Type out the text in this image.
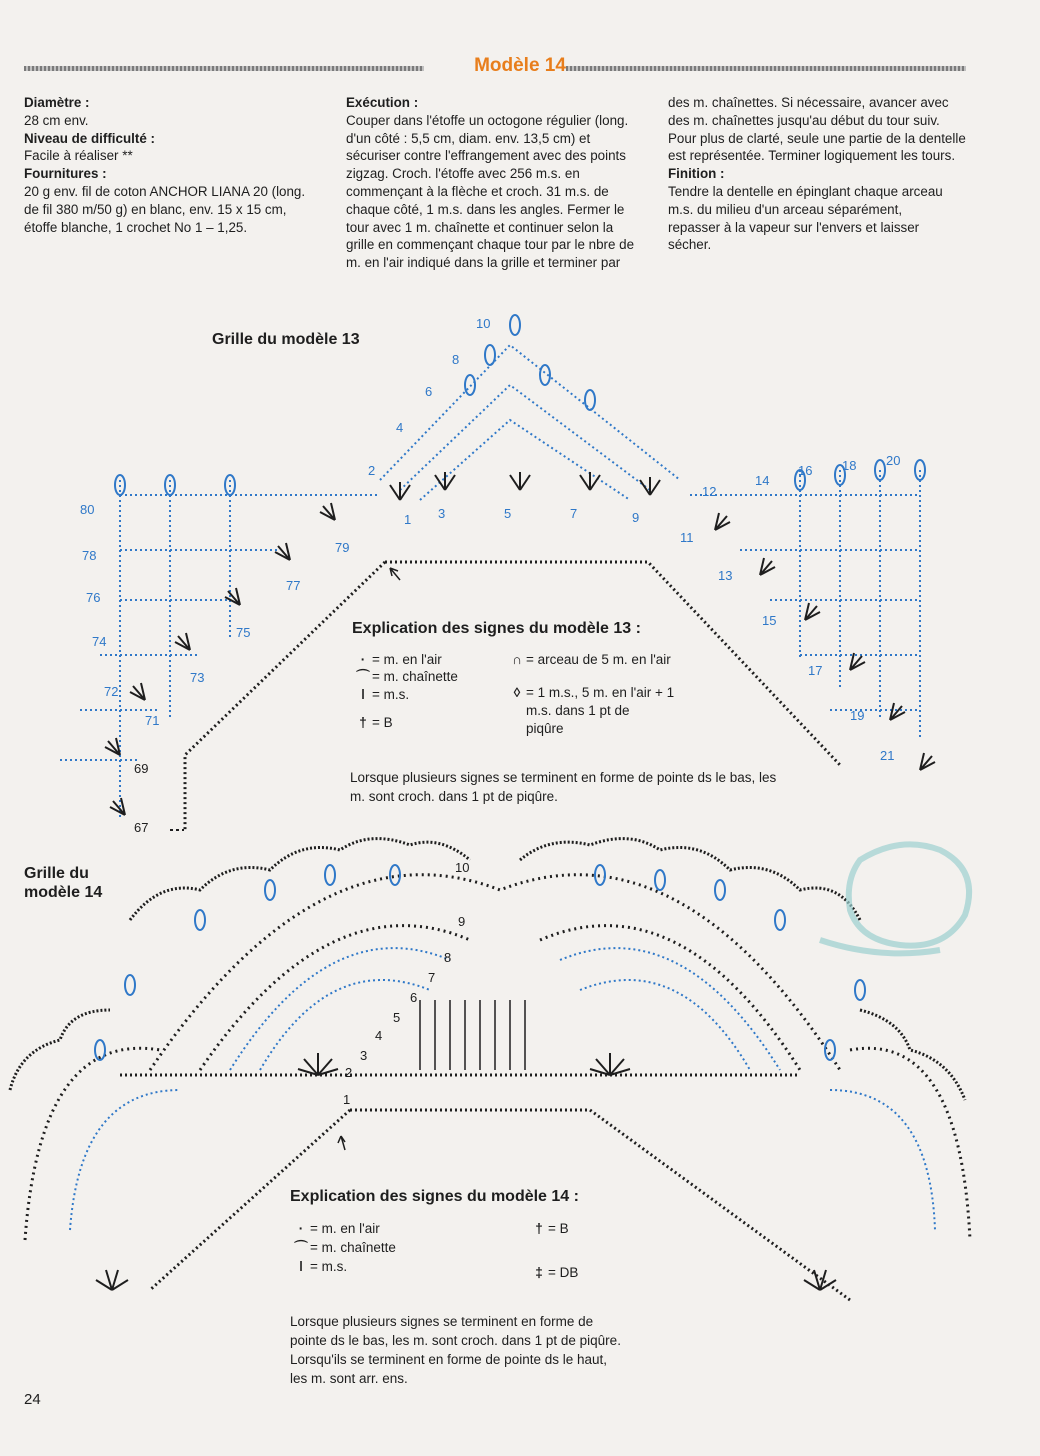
Modèle 14
Diamètre :
28 cm env.
Niveau de difficulté :
Facile à réaliser **
Fournitures :
20 g env. fil de coton ANCHOR LIANA 20 (long.
de fil 380 m/50 g) en blanc, env. 15 x 15 cm,
étoffe blanche, 1 crochet No 1 – 1,25.
Exécution :
Couper dans l'étoffe un octogone régulier (long.
d'un côté : 5,5 cm, diam. env. 13,5 cm) et
sécuriser contre l'effrangement avec des points
zigzag. Croch. l'étoffe avec 256 m.s. en
commençant à la flèche et croch. 31 m.s. de
chaque côté, 1 m.s. dans les angles. Fermer le
tour avec 1 m. chaînette et continuer selon la
grille en commençant chaque tour par le nbre de
m. en l'air indiqué dans la grille et terminer par
des m. chaînettes. Si nécessaire, avancer avec
des m. chaînettes jusqu'au début du tour suiv.
Pour plus de clarté, seule une partie de la dentelle
est représentée. Terminer logiquement les tours.
Finition :
Tendre la dentelle en épinglant chaque arceau
m.s. du milieu d'un arceau séparément,
repasser à la vapeur sur l'envers et laisser
sécher.
Grille du modèle 13
1
2
3
4
5
6
7
8
9
10
11
12
13
14
15
16
17
18
19
20
21
67
69
71
72
73
74
75
76
77
78
79
80
Explication des signes du modèle 13 :
· = m. en l'air
⌒ = m. chaînette
ǀ = m.s.
† = B
∩ = arceau de 5 m. en l'air
◊ = 1 m.s., 5 m. en l'air + 1
m.s. dans 1 pt de
piqûre
Lorsque plusieurs signes se terminent en forme de pointe ds le bas, les
m. sont croch. dans 1 pt de piqûre.
Grille du
modèle 14
1
2
3
4
5
6
7
8
9
10
Explication des signes du modèle 14 :
· = m. en l'air
⌒ = m. chaînette
ǀ = m.s.
† = B
‡ = DB
Lorsque plusieurs signes se terminent en forme de
pointe ds le bas, les m. sont croch. dans 1 pt de piqûre.
Lorsqu'ils se terminent en forme de pointe ds le haut,
les m. sont arr. ens.
24
